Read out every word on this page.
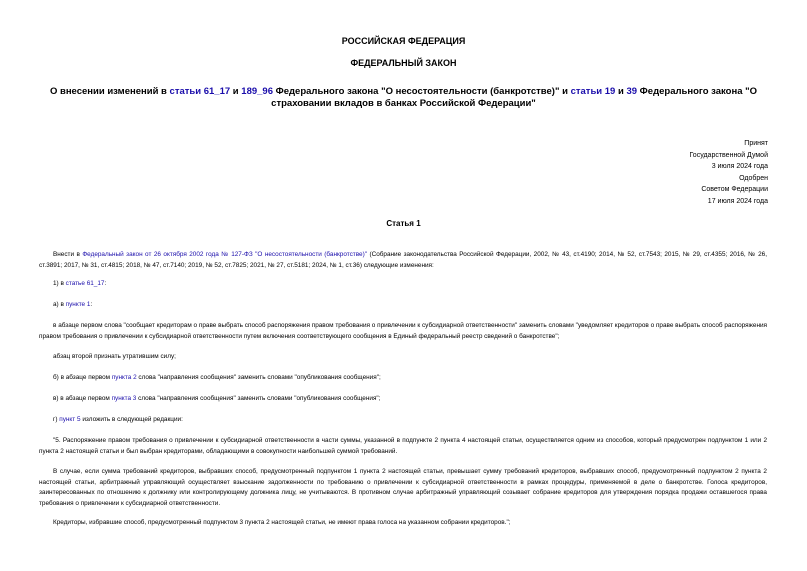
РОССИЙСКАЯ ФЕДЕРАЦИЯ
ФЕДЕРАЛЬНЫЙ ЗАКОН
О внесении изменений в статьи 61_17 и 189_96 Федерального закона "О несостоятельности (банкротстве)" и статьи 19 и 39 Федерального закона "О страховании вкладов в банках Российской Федерации"
Принят
Государственной Думой
3 июля 2024 года
Одобрен
Советом Федерации
17 июля 2024 года
Статья 1
Внести в Федеральный закон от 26 октября 2002 года № 127-ФЗ "О несостоятельности (банкротстве)" (Собрание законодательства Российской Федерации, 2002, № 43, ст.4190; 2014, № 52, ст.7543; 2015, № 29, ст.4355; 2016, № 26, ст.3891; 2017, № 31, ст.4815; 2018, № 47, ст.7140; 2019, № 52, ст.7825; 2021, № 27, ст.5181; 2024, № 1, ст.36) следующие изменения:
1) в статье 61_17:
а) в пункте 1:
в абзаце первом слова "сообщает кредиторам о праве выбрать способ распоряжения правом требования о привлечении к субсидиарной ответственности" заменить словами "уведомляет кредиторов о праве выбрать способ распоряжения правом требования о привлечении к субсидиарной ответственности путем включения соответствующего сообщения в Единый федеральный реестр сведений о банкротстве";
абзац второй признать утратившим силу;
б) в абзаце первом пункта 2 слова "направления сообщения" заменить словами "опубликования сообщения";
в) в абзаце первом пункта 3 слова "направления сообщения" заменить словами "опубликования сообщения";
г) пункт 5 изложить в следующей редакции:
"5. Распоряжение правом требования о привлечении к субсидиарной ответственности в части суммы, указанной в подпункте 2 пункта 4 настоящей статьи, осуществляется одним из способов, который предусмотрен подпунктом 1 или 2 пункта 2 настоящей статьи и был выбран кредиторами, обладающими в совокупности наибольшей суммой требований.
В случае, если сумма требований кредиторов, выбравших способ, предусмотренный подпунктом 1 пункта 2 настоящей статьи, превышает сумму требований кредиторов, выбравших способ, предусмотренный подпунктом 2 пункта 2 настоящей статьи, арбитражный управляющий осуществляет взыскание задолженности по требованию о привлечении к субсидиарной ответственности в рамках процедуры, применяемой в деле о банкротстве. Голоса кредиторов, заинтересованных по отношению к должнику или контролирующему должника лицу, не учитываются. В противном случае арбитражный управляющий созывает собрание кредиторов для утверждения порядка продажи оставшегося права требования о привлечении к субсидиарной ответственности.
Кредиторы, избравшие способ, предусмотренный подпунктом 3 пункта 2 настоящей статьи, не имеют права голоса на указанном собрании кредиторов.";
